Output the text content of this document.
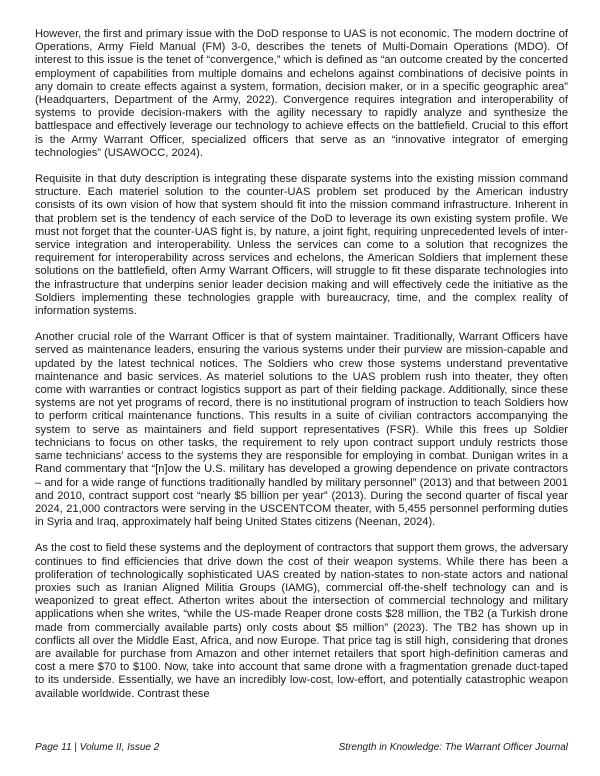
However, the first and primary issue with the DoD response to UAS is not economic. The modern doctrine of Operations, Army Field Manual (FM) 3-0, describes the tenets of Multi-Domain Operations (MDO). Of interest to this issue is the tenet of “convergence,” which is defined as “an outcome created by the concerted employment of capabilities from multiple domains and echelons against combinations of decisive points in any domain to create effects against a system, formation, decision maker, or in a specific geographic area” (Headquarters, Department of the Army, 2022). Convergence requires integration and interoperability of systems to provide decision-makers with the agility necessary to rapidly analyze and synthesize the battlespace and effectively leverage our technology to achieve effects on the battlefield. Crucial to this effort is the Army Warrant Officer, specialized officers that serve as an “innovative integrator of emerging technologies” (USAWOCC, 2024).

Requisite in that duty description is integrating these disparate systems into the existing mission command structure. Each materiel solution to the counter-UAS problem set produced by the American industry consists of its own vision of how that system should fit into the mission command infrastructure. Inherent in that problem set is the tendency of each service of the DoD to leverage its own existing system profile. We must not forget that the counter-UAS fight is, by nature, a joint fight, requiring unprecedented levels of inter-service integration and interoperability. Unless the services can come to a solution that recognizes the requirement for interoperability across services and echelons, the American Soldiers that implement these solutions on the battlefield, often Army Warrant Officers, will struggle to fit these disparate technologies into the infrastructure that underpins senior leader decision making and will effectively cede the initiative as the Soldiers implementing these technologies grapple with bureaucracy, time, and the complex reality of information systems.

Another crucial role of the Warrant Officer is that of system maintainer. Traditionally, Warrant Officers have served as maintenance leaders, ensuring the various systems under their purview are mission-capable and updated by the latest technical notices. The Soldiers who crew those systems understand preventative maintenance and basic services. As materiel solutions to the UAS problem rush into theater, they often come with warranties or contract logistics support as part of their fielding package. Additionally, since these systems are not yet programs of record, there is no institutional program of instruction to teach Soldiers how to perform critical maintenance functions. This results in a suite of civilian contractors accompanying the system to serve as maintainers and field support representatives (FSR). While this frees up Soldier technicians to focus on other tasks, the requirement to rely upon contract support unduly restricts those same technicians’ access to the systems they are responsible for employing in combat. Dunigan writes in a Rand commentary that “[n]ow the U.S. military has developed a growing dependence on private contractors – and for a wide range of functions traditionally handled by military personnel” (2013) and that between 2001 and 2010, contract support cost “nearly $5 billion per year” (2013). During the second quarter of fiscal year 2024, 21,000 contractors were serving in the USCENTCOM theater, with 5,455 personnel performing duties in Syria and Iraq, approximately half being United States citizens (Neenan, 2024).

As the cost to field these systems and the deployment of contractors that support them grows, the adversary continues to find efficiencies that drive down the cost of their weapon systems. While there has been a proliferation of technologically sophisticated UAS created by nation-states to non-state actors and national proxies such as Iranian Aligned Militia Groups (IAMG), commercial off-the-shelf technology can and is weaponized to great effect. Atherton writes about the intersection of commercial technology and military applications when she writes, “while the US-made Reaper drone costs $28 million, the TB2 (a Turkish drone made from commercially available parts) only costs about $5 million” (2023). The TB2 has shown up in conflicts all over the Middle East, Africa, and now Europe. That price tag is still high, considering that drones are available for purchase from Amazon and other internet retailers that sport high-definition cameras and cost a mere $70 to $100. Now, take into account that same drone with a fragmentation grenade duct-taped to its underside. Essentially, we have an incredibly low-cost, low-effort, and potentially catastrophic weapon available worldwide. Contrast these

Page 11 | Volume II, Issue 2	Strength in Knowledge: The Warrant Officer Journal
